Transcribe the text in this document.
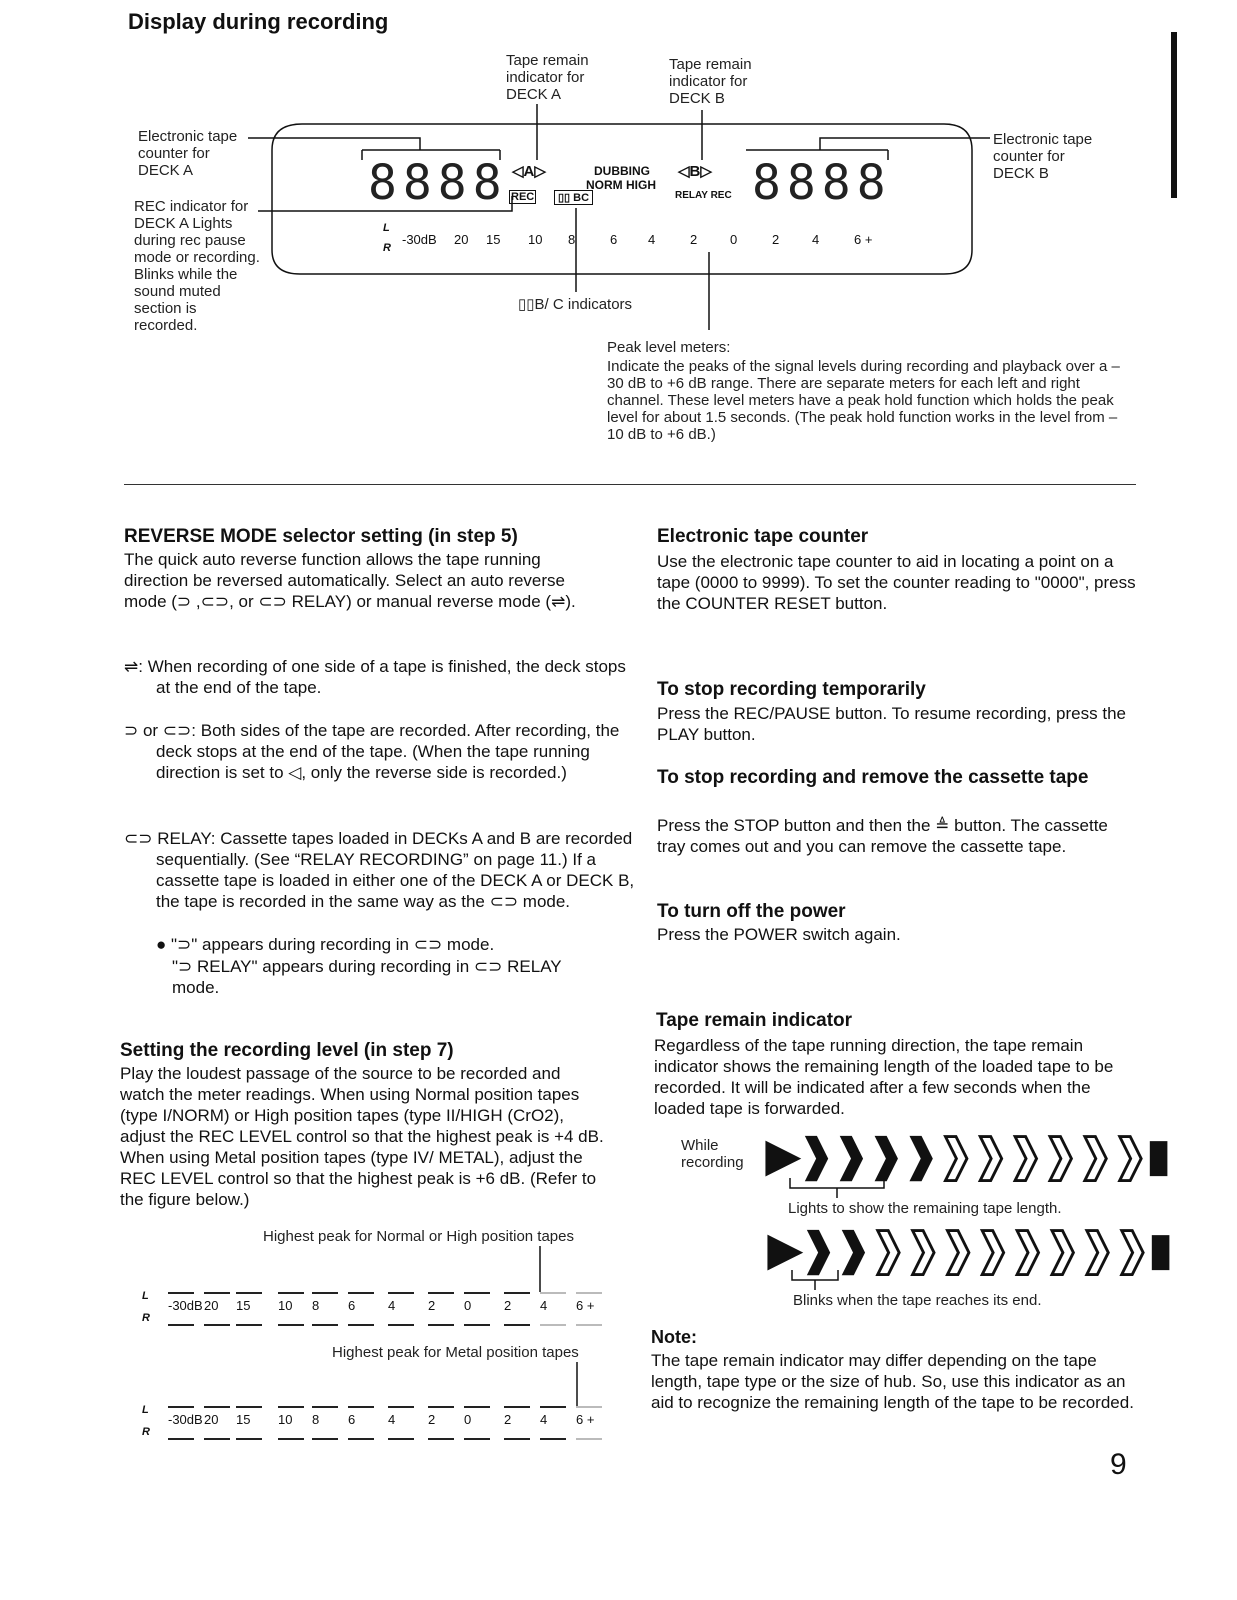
Display during recording
Tape remain indicator for DECK A
Tape remain indicator for DECK B
Electronic tape counter for DECK A
Electronic tape counter for DECK B
REC indicator for DECK A Lights during rec pause mode or recording. Blinks while the sound muted section is recorded.
8888	8888
◁A▷	◁B▷
DUBBING
NORM HIGH
RELAY REC
REC	▯▯ BC
L
R
-30dB 20 15 10 8	6 4	2	0	2	4	6 +
▯▯B/ C indicators
Peak level meters:
Indicate the peaks of the signal levels during recording and playback over a –30 dB to +6 dB range. There are separate meters for each left and right channel. These level meters have a peak hold function which holds the peak level for about 1.5 seconds. (The peak hold function works in the level from –10 dB to +6 dB.)
REVERSE MODE selector setting (in step 5)
The quick auto reverse function allows the tape running direction be reversed automatically. Select an auto reverse mode (⊃ ,⊂⊃, or ⊂⊃ RELAY) or manual reverse mode (⇌).
⇌: When recording of one side of a tape is finished, the deck stops at the end of the tape.
⊃ or ⊂⊃: Both sides of the tape are recorded. After recording, the deck stops at the end of the tape. (When the tape running direction is set to ◁, only the reverse side is recorded.)
⊂⊃ RELAY: Cassette tapes loaded in DECKs A and B are recorded sequentially. (See “RELAY RECORDING” on page 11.) If a cassette tape is loaded in either one of the DECK A or DECK B, the tape is recorded in the same way as the ⊂⊃ mode.
● "⊃" appears during recording in ⊂⊃ mode.
"⊃ RELAY" appears during recording in ⊂⊃ RELAY mode.
Setting the recording level (in step 7)
Play the loudest passage of the source to be recorded and watch the meter readings. When using Normal position tapes (type I/NORM) or High position tapes (type II/HIGH (CrO2), adjust the REC LEVEL control so that the highest peak is +4 dB. When using Metal position tapes (type IV/ METAL), adjust the REC LEVEL control so that the highest peak is +6 dB. (Refer to the figure below.)
Highest peak for Normal or High position tapes
L
R
-30dB 20 15 10 8 6	4	2 0	2 4 6 +
Highest peak for Metal position tapes
L
R
-30dB 20 15 10 8 6	4	2 0	2 4 6 +
Electronic tape counter
Use the electronic tape counter to aid in locating a point on a tape (0000 to 9999). To set the counter reading to "0000", press the COUNTER RESET button.
To stop recording temporarily
Press the REC/PAUSE button. To resume recording, press the PLAY button.
To stop recording and remove the cassette tape
Press the STOP button and then the ≜ button. The cassette tray comes out and you can remove the cassette tape.
To turn off the power
Press the POWER switch again.
Tape remain indicator
Regardless of the tape running direction, the tape remain indicator shows the remaining length of the loaded tape to be recorded. It will be indicated after a few seconds when the loaded tape is forwarded.
While recording ▶❱❱❱❱❱❱❱❱❱❱▮
Lights to show the remaining tape length.
▶❱❱❱❱❱❱❱❱❱❱▮
Blinks when the tape reaches its end.
Note:
The tape remain indicator may differ depending on the tape length, tape type or the size of hub. So, use this indicator as an aid to recognize the remaining length of the tape to be recorded.
9
